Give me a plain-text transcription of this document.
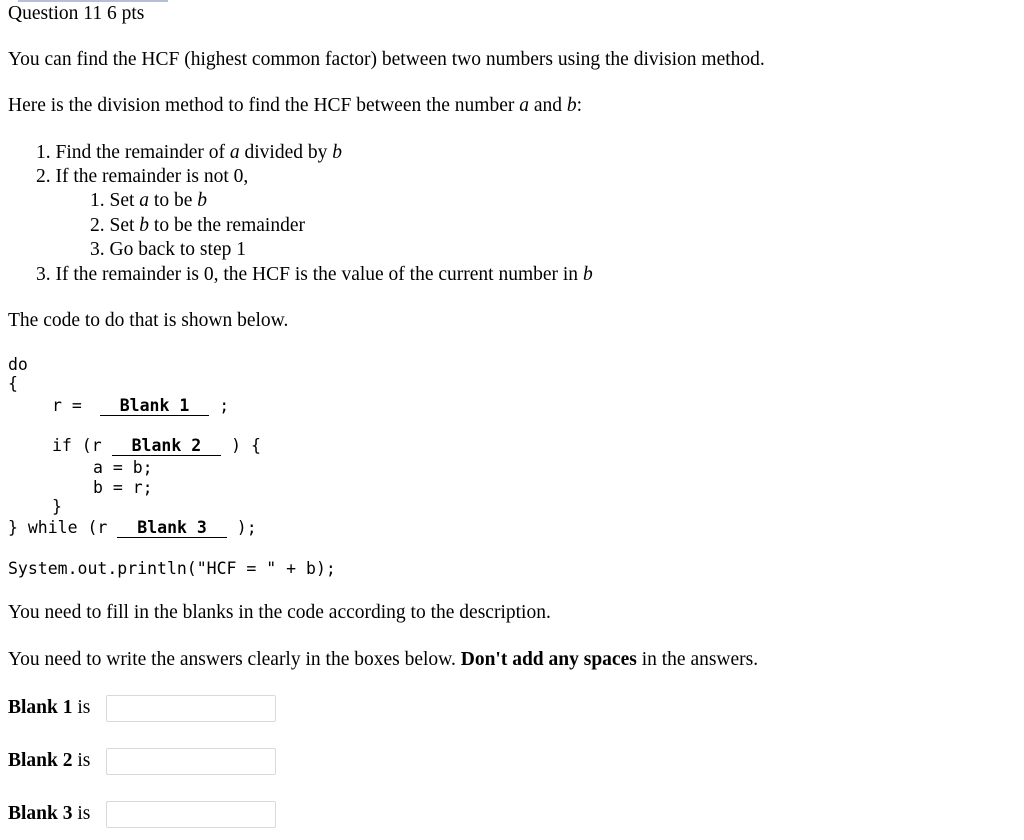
Question 11 6 pts
You can find the HCF (highest common factor) between two numbers using the division method.
Here is the division method to find the HCF between the number a and b:
1. Find the remainder of a divided by b
2. If the remainder is not 0,
1. Set a to be b
2. Set b to be the remainder
3. Go back to step 1
3. If the remainder is 0, the HCF is the value of the current number in b
The code to do that is shown below.
do
{
r = Blank 1 ;
if (r Blank 2 ) {
a = b;
b = r;
}
} while (r Blank 3 );
System.out.println("HCF = " + b);
You need to fill in the blanks in the code according to the description.
You need to write the answers clearly in the boxes below. Don't add any spaces in the answers.
Blank 1 is
Blank 2 is
Blank 3 is
